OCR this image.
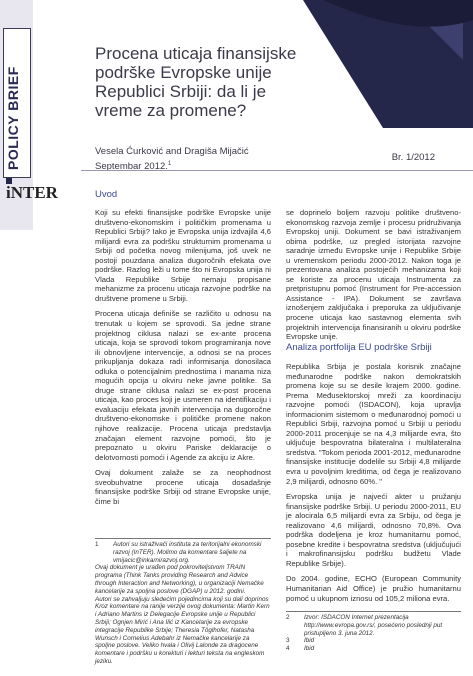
POLICY BRIEF
Procena uticaja finansijske podrške Evropske unije Republici Srbiji: da li je vreme za promene?
Vesela Ćurković and Dragiša Mijačić
Septembar 2012.$^1$
Br. 1/2012
iNTER	Uvod

Koji su efekti finansijske podrške Evropske unije društveno-ekonomskim i političkim promenama u Republici Srbiji? Iako je Evropska unija izdvajila 4,6 milijardi evra za podršku strukturnim promenama u Srbiji od početka novog milenijuma, još uvek ne postoji pouzdana analiza dugoročnih efekata ove podrške. Razlog leži u tome što ni Evropska unija ni Vlada Republike Srbije nemaju propisane mehanizme za procenu uticaja razvojne podrške na društvene promene u Srbiji.

Procena uticaja definiše se različito u odnosu na trenutak u kojem se sprovodi. Sa jedne strane projektnog ciklusa nalazi se ex-ante procena uticaja, koja se sprovodi tokom programiranja nove ili obnovljene intervencije, a odnosi se na proces prikupljanja dokaza radi informisanja donosilaca odluka o potencijalnim prednostima i manama niza mogućih opcija u okviru neke javne politike. Sa druge strane ciklusa nalazi se ex-post procena uticaja, kao proces koji je usmeren na identifikaciju i evaluaciju efekata javnih intervencija na dugoročne društveno-ekonomske i političke promene nakon njihove realizacije. Procena uticaja predstavlja značajan element razvojne pomoći, što je prepoznato u okviru Pariske deklaracije o delotvornosti pomoći i Agende za akciju iz Akre.

Ovaj dokument zalaže se za neophodnost sveobuhvatne procene uticaja dosadašnje finansijske podrške Srbiji od strane Evropske unije, čime bi

se doprinelo boljem razvoju politike društveno-ekonomskog razvoja zemlje i procesu pridruživanja Evropskoj uniji. Dokument se bavi istraživanjem obima podrške, uz pregled istorijata razvojne saradnje između Evropske unije i Republike Srbije u vremenskom periodu 2000-2012. Nakon toga je prezentovana analiza postojećih mehanizama koji se koriste za procenu uticaja Instrumenta za pretpristupnu pomoć (Instrument for Pre-accession Assistance - IPA). Dokument se završava iznošenjem zaključaka i preporuka za uključivanje procene uticaja kao sastavnog elementa svih projektnih intervencija finansiranih u okviru podrške Evropske unije.

Analiza portfolija EU podrške Srbiji

Republika Srbija je postala korisnik značajne međunarodne podrške nakon demokratskih promena koje su se desile krajem 2000. godine. Prema Međusektorskoj mreži za koordinaciju razvojne pomoći (ISDACON), koja upravlja informacionim sistemom o međunarodnoj pomoći u Republici Srbiji, razvojna pomoć u Srbiji u periodu 2000-2011 procenjuje se na 4,3 milijarde evra, što uključuje bespovratna bilateralna i multilateralna sredstva. "Tokom perioda 2001-2012, međunarodne finansijske institucije dodelile su Srbiji 4,8 milijarde evra u povoljnim kreditima, od čega je realizovano 2,9 milijardi, odnosno 60%. "

Evropska unija je najveći akter u pružanju finansijske podrške Srbiji. U periodu 2000-2011, EU je alocirala 6,5 milijardi evra za Srbiju, od čega je realizovano 4,6 milijardi, odnosno 70,8%. Ova podrška dodeljena je kroz humanitarnu pomoć, posebne kredite i bespovratna sredstva (uključujući i makrofinansijsku podršku budžetu Vlade Republike Srbije).

Do 2004. godine, ECHO (European Community Humanitarian Aid Office) je pružio humanitarnu pomoć u ukupnom iznosu od 105,2 miliona evra.

1	Autori su istraživači instituta za teritorijalni ekonomski razvoj (InTER). Molimo da komentare šaljete na vmijacic@inkarnirazvoj.org.
Ovaj dokument je urađen pod pokroviteljstvom TRAIN programa (Think Tanks providing Research and Advice through Interaction and Networking), u organizaciji Nemačke kancelarije za spoljna poslove (DGAP) u 2012. godini.
Autori se zahvaljuju sledećim pojedincima koji su dali doprinos Kroz komentare na ranije verzije ovog dokumenta: Martin Kern i Adriano Martins iz Delegacije Evropske unije u Republici Srbiji; Ognjen Mirić i Ana Ilić iz Kancelarije za evropske integracije Republike Srbije; Theresia Töglhofer, Natasha Wunsch i Cornelius Adebahr iz Nemačke kancelarije za spoljne poslove. Veliko hvala i Olivij Lalonde za dragocene komentare i podršku u korekturi i lekturi teksta na engleskom jeziku.
2	Izvor: ISDACON Internet prezentacija http://www.evropa.gov.rs/, posećeno poslednji put pristupljeno 3. juna 2012.
3	Ibid
4	Ibid
